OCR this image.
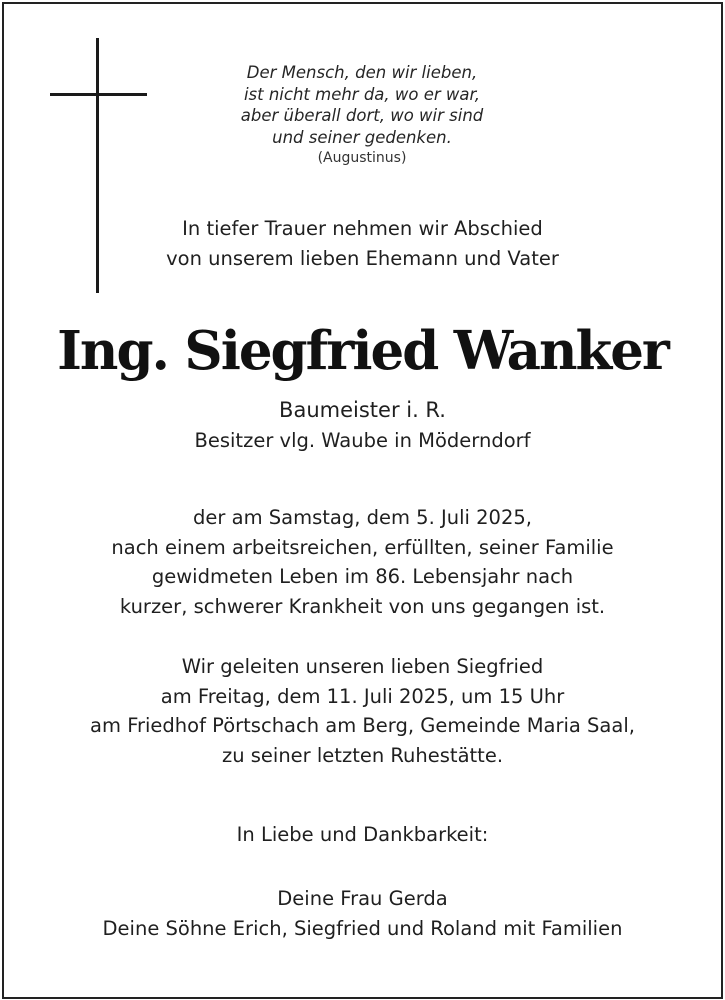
Der Mensch, den wir lieben,
ist nicht mehr da, wo er war,
aber überall dort, wo wir sind
und seiner gedenken.
(Augustinus)
In tiefer Trauer nehmen wir Abschied
von unserem lieben Ehemann und Vater
Ing. Siegfried Wanker
Baumeister i. R.
Besitzer vlg. Waube in Möderndorf
der am Samstag, dem 5. Juli 2025,
nach einem arbeitsreichen, erfüllten, seiner Familie
gewidmeten Leben im 86. Lebensjahr nach
kurzer, schwerer Krankheit von uns gegangen ist.
Wir geleiten unseren lieben Siegfried
am Freitag, dem 11. Juli 2025, um 15 Uhr
am Friedhof Pörtschach am Berg, Gemeinde Maria Saal,
zu seiner letzten Ruhestätte.
In Liebe und Dankbarkeit:
Deine Frau Gerda
Deine Söhne Erich, Siegfried und Roland mit Familien
